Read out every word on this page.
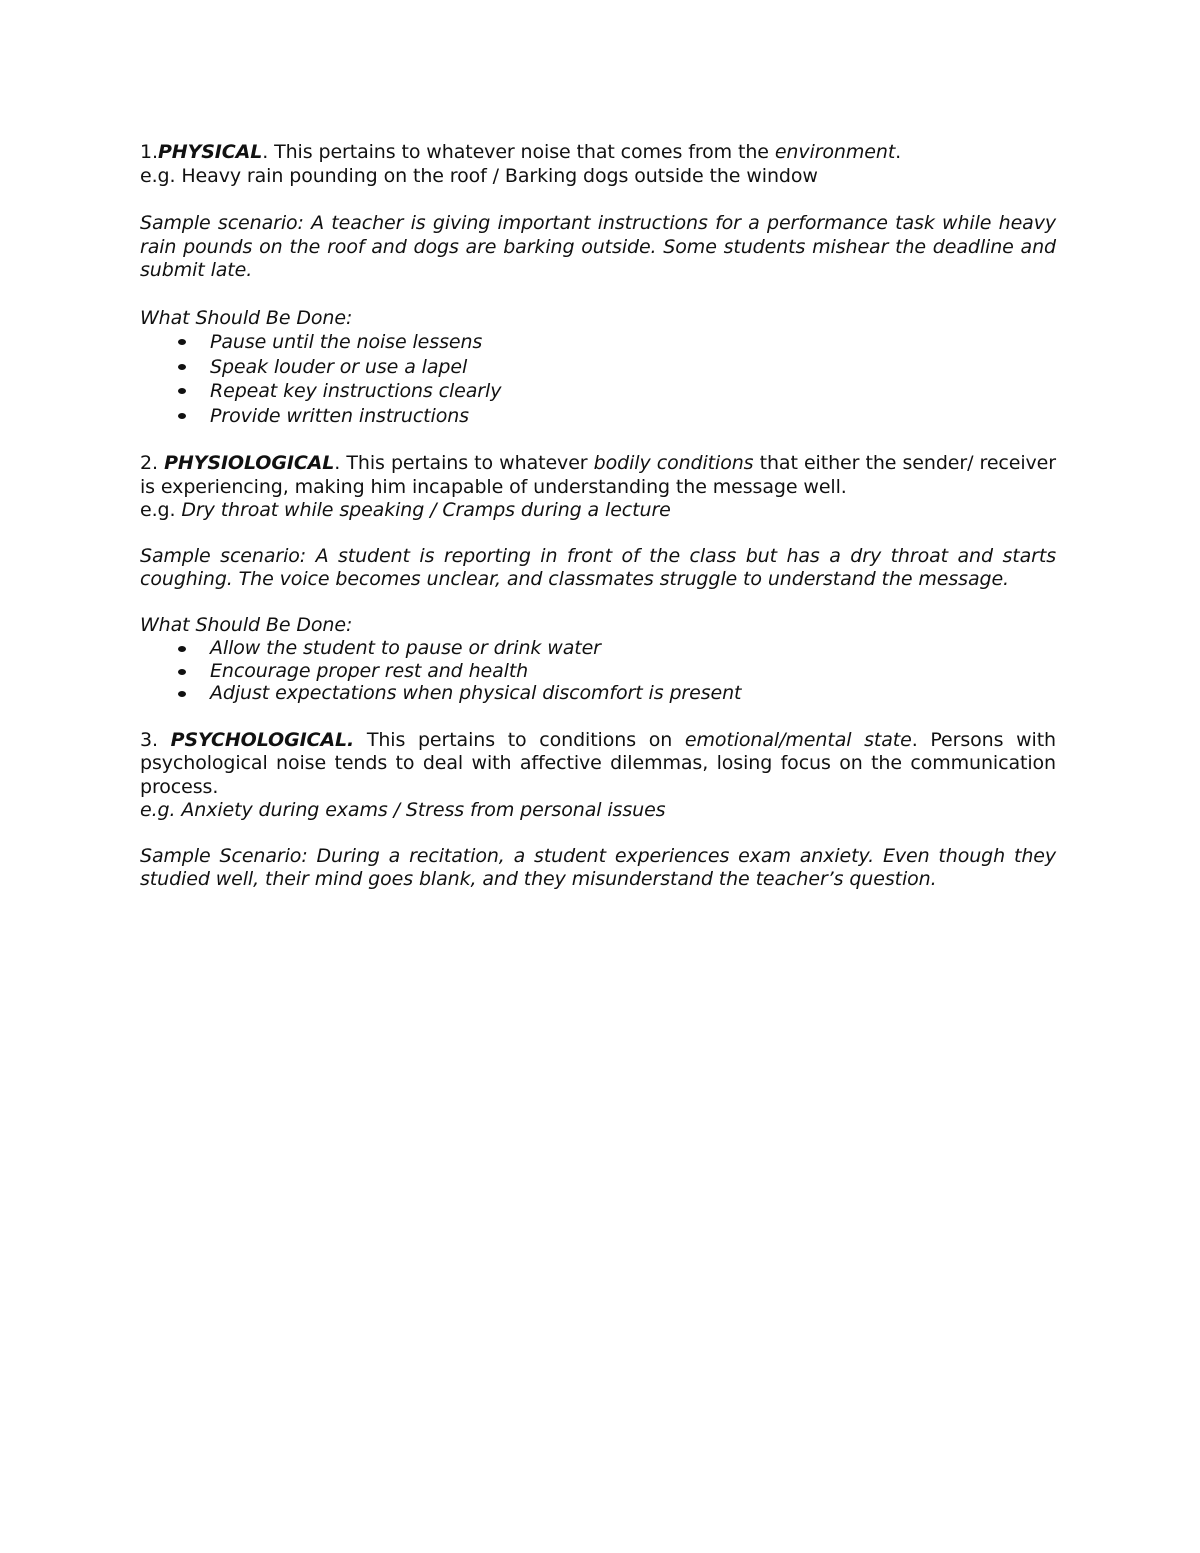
1.PHYSICAL. This pertains to whatever noise that comes from the environment.

e.g. Heavy rain pounding on the roof / Barking dogs outside the window

Sample scenario: A teacher is giving important instructions for a performance task while heavy rain pounds on the roof and dogs are barking outside. Some students mishear the deadline and submit late.

What Should Be Done:

Pause until the noise lessens
Speak louder or use a lapel
Repeat key instructions clearly
Provide written instructions

2. PHYSIOLOGICAL. This pertains to whatever bodily conditions that either the sender/ receiver is experiencing, making him incapable of understanding the message well.

e.g. Dry throat while speaking / Cramps during a lecture

Sample scenario: A student is reporting in front of the class but has a dry throat and starts coughing. The voice becomes unclear, and classmates struggle to understand the message.

What Should Be Done:

Allow the student to pause or drink water
Encourage proper rest and health
Adjust expectations when physical discomfort is present

3. PSYCHOLOGICAL. This pertains to conditions on emotional/mental state. Persons with psychological noise tends to deal with affective dilemmas, losing focus on the communication process.

e.g. Anxiety during exams / Stress from personal issues

Sample Scenario: During a recitation, a student experiences exam anxiety. Even though they studied well, their mind goes blank, and they misunderstand the teacher’s question.
